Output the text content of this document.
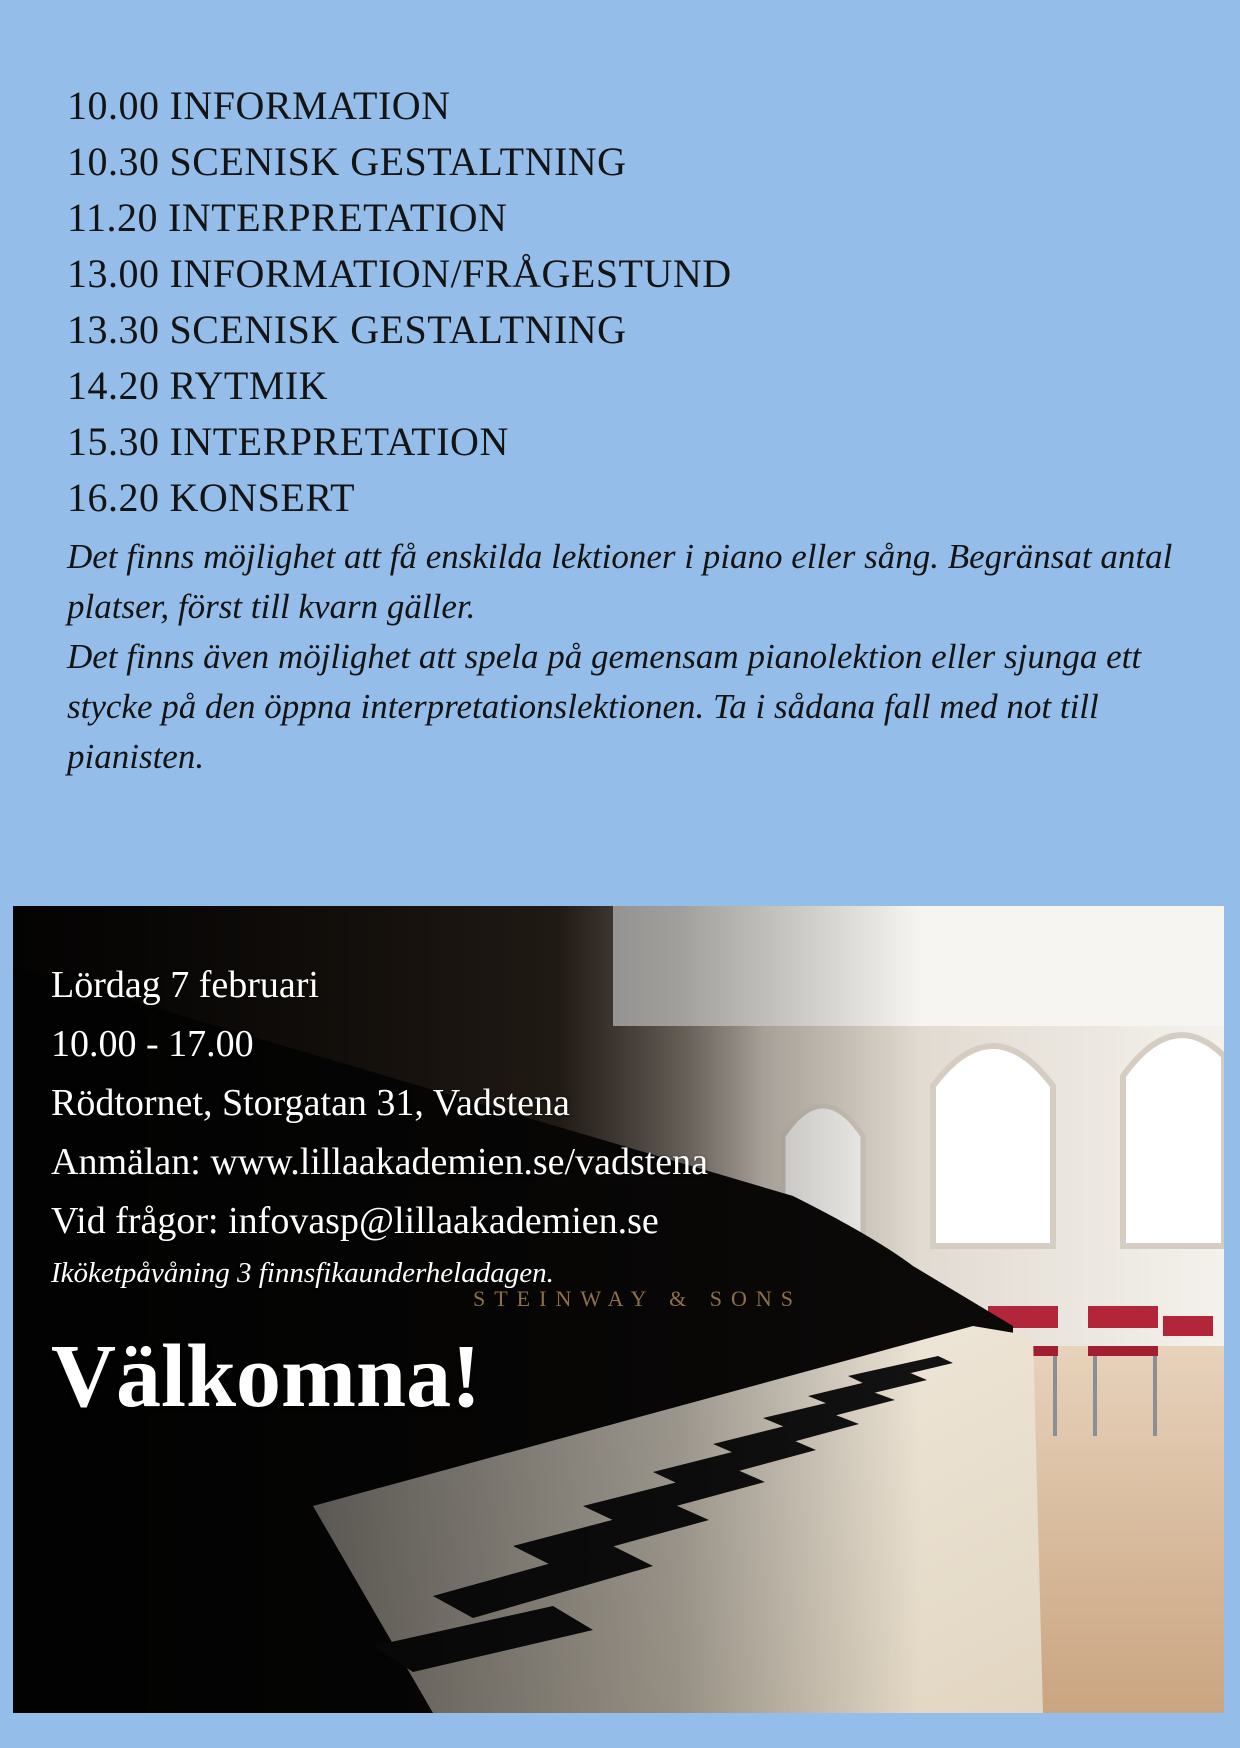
10.00 INFORMATION
10.30 SCENISK GESTALTNING
11.20 INTERPRETATION
13.00 INFORMATION/FRÅGESTUND
13.30 SCENISK GESTALTNING
14.20 RYTMIK
15.30 INTERPRETATION
16.20 KONSERT

Det finns möjlighet att få enskilda lektioner i piano eller sång. Begränsat antal platser, först till kvarn gäller.

Det finns även möjlighet att spela på gemensam pianolektion eller sjunga ett stycke på den öppna interpretationslektionen. Ta i sådana fall med not till pianisten.

STEINWAY & SONS
Lördag 7 februari
10.00 - 17.00
Rödtornet, Storgatan 31, Vadstena
Anmälan: www.lillaakademien.se/vadstena
Vid frågor: infovasp@lillaakademien.se
Iköketpåvåning 3 finnsfikaunderheladagen.
Välkomna!
